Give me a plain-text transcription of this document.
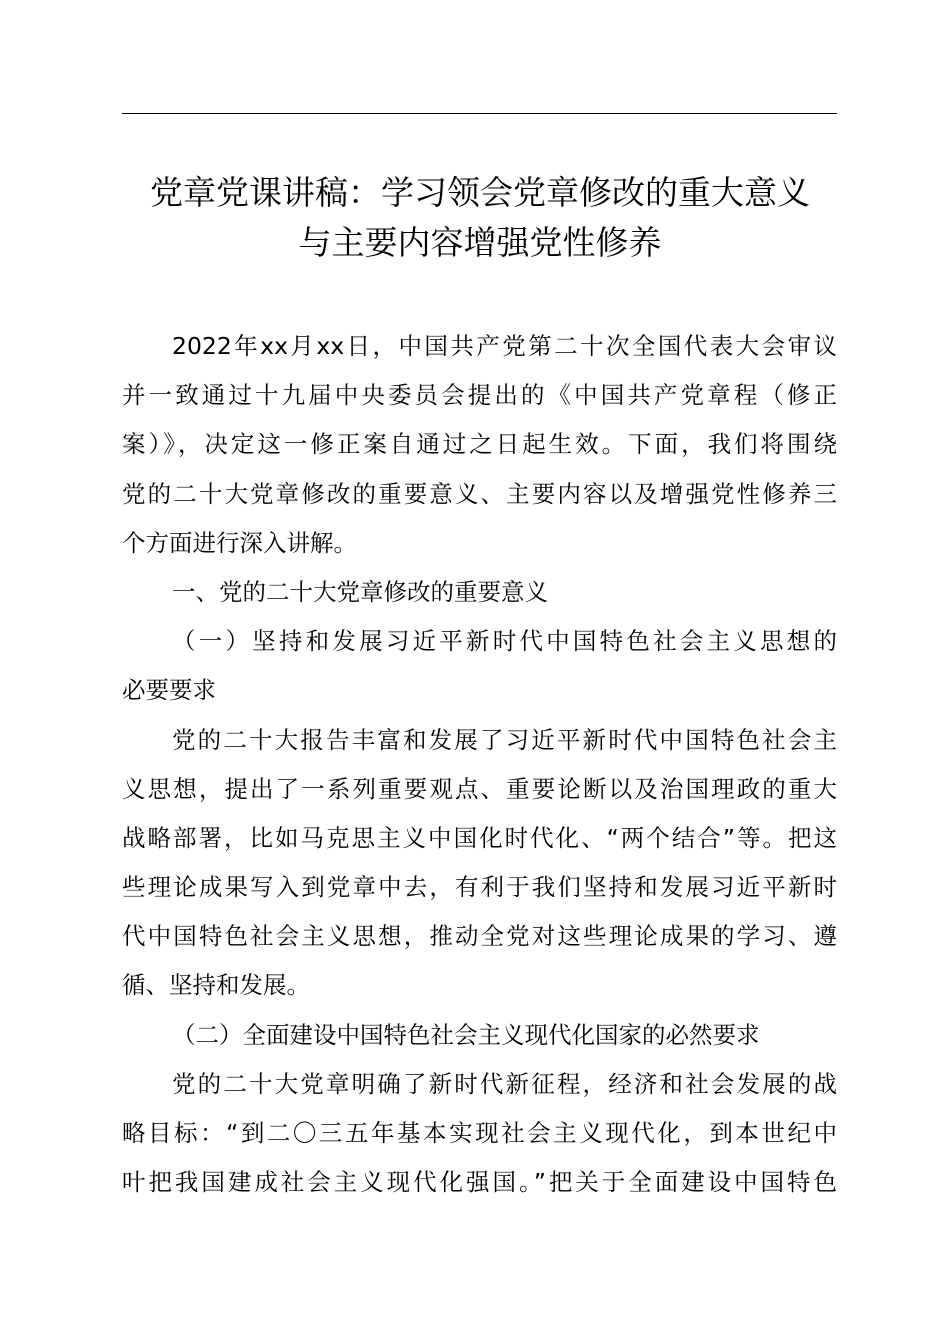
党章党课讲稿：学习领会党章修改的重大意义
与主要内容增强党性修养
2022年xx月xx日，中国共产党第二十次全国代表大会审议
并一致通过十九届中央委员会提出的《中国共产党章程（修正
案）》，决定这一修正案自通过之日起生效。下面，我们将围绕
党的二十大党章修改的重要意义、主要内容以及增强党性修养三
个方面进行深入讲解。
一、党的二十大党章修改的重要意义
（一）坚持和发展习近平新时代中国特色社会主义思想的
必要要求
党的二十大报告丰富和发展了习近平新时代中国特色社会主
义思想，提出了一系列重要观点、重要论断以及治国理政的重大
战略部署，比如马克思主义中国化时代化、“两个结合”等。把这
些理论成果写入到党章中去，有利于我们坚持和发展习近平新时
代中国特色社会主义思想，推动全党对这些理论成果的学习、遵
循、坚持和发展。
（二）全面建设中国特色社会主义现代化国家的必然要求
党的二十大党章明确了新时代新征程，经济和社会发展的战
略目标：“到二〇三五年基本实现社会主义现代化，到本世纪中
叶把我国建成社会主义现代化强国。”把关于全面建设中国特色
